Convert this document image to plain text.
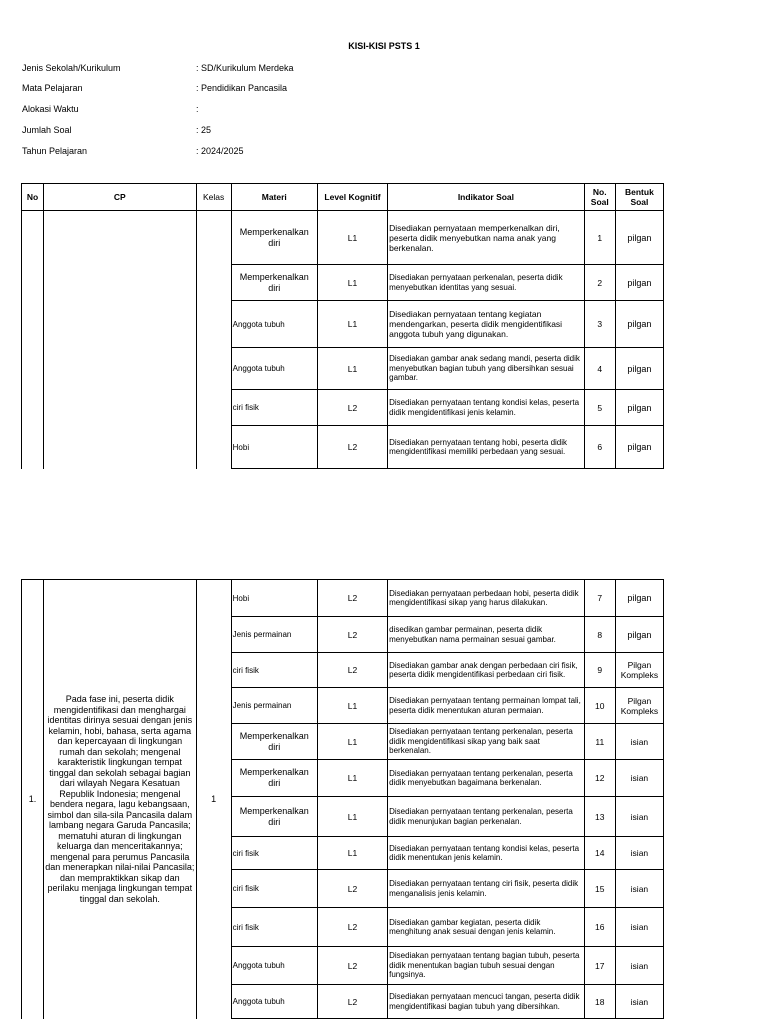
KISI-KISI PSTS 1
Jenis Sekolah/Kurikulum	: SD/Kurikulum Merdeka
Mata Pelajaran	: Pendidikan Pancasila
Alokasi Waktu	:
Jumlah Soal	: 25
Tahun Pelajaran	: 2024/2025
No	CP	Kelas	Materi	Level Kognitif	Indikator Soal	No. Soal	Bentuk Soal
			Memperkenalkan diri	L1	Disediakan pernyataan memperkenalkan diri, peserta didik menyebutkan nama anak yang berkenalan.	1	pilgan
			Memperkenalkan diri	L1	Disediakan pernyataan perkenalan, peserta didik menyebutkan identitas yang sesuai.	2	pilgan
			Anggota tubuh	L1	Disediakan pernyataan tentang kegiatan mendengarkan, peserta didik mengidentifikasi anggota tubuh yang digunakan.	3	pilgan
			Anggota tubuh	L1	Disediakan gambar anak sedang mandi, peserta didik menyebutkan bagian tubuh yang dibersihkan sesuai gambar.	4	pilgan
			ciri fisik	L2	Disediakan pernyataan tentang kondisi kelas, peserta didik mengidentifikasi jenis kelamin.	5	pilgan
			Hobi	L2	Disediakan pernyataan tentang hobi, peserta didik mengidentifikasi memiliki perbedaan yang sesuai.	6	pilgan
1.	Pada fase ini, peserta didik mengidentifikasi dan menghargai identitas dirinya sesuai dengan jenis kelamin, hobi, bahasa, serta agama dan kepercayaan di lingkungan rumah dan sekolah; mengenal karakteristik lingkungan tempat tinggal dan sekolah sebagai bagian dari wilayah Negara Kesatuan Republik Indonesia; mengenal bendera negara, lagu kebangsaan, simbol dan sila-sila Pancasila dalam lambang negara Garuda Pancasila; mematuhi aturan di lingkungan keluarga dan menceritakannya; mengenal para perumus Pancasila dan menerapkan nilai-nilai Pancasila; dan mempraktikkan sikap dan perilaku menjaga lingkungan tempat tinggal dan sekolah.	1	Hobi	L2	Disediakan pernyataan perbedaan hobi, peserta didik mengidentifikasi sikap yang harus dilakukan.	7	pilgan
			Jenis permainan	L2	disedikan gambar permainan, peserta didik menyebutkan nama permainan sesuai gambar.	8	pilgan
			ciri fisik	L2	Disediakan gambar anak dengan perbedaan ciri fisik, peserta didik mengidentifikasi perbedaan ciri fisik.	9	Pilgan Kompleks
			Jenis permainan	L1	Disediakan pernyataan tentang permainan lompat tali, peserta didik menentukan aturan permaian.	10	Pilgan Kompleks
			Memperkenalkan diri	L1	Disediakan pernyataan tentang perkenalan, peserta didik mengidentifikasi sikap yang baik saat berkenalan.	11	isian
			Memperkenalkan diri	L1	Disediakan pernyataan tentang perkenalan, peserta didik menyebutkan bagaimana berkenalan.	12	isian
			Memperkenalkan diri	L1	Disediakan pernyataan tentang perkenalan, peserta didik menunjukan bagian perkenalan.	13	isian
			ciri fisik	L1	Disediakan pernyataan tentang kondisi kelas, peserta didik menentukan jenis kelamin.	14	isian
			ciri fisik	L2	Disediakan pernyataan tentang ciri fisik, peserta didik menganalisis jenis kelamin.	15	isian
			ciri fisik	L2	Disediakan gambar kegiatan, peserta didik menghitung anak sesuai dengan jenis kelamin.	16	isian
			Anggota tubuh	L2	Disediakan pernyataan tentang bagian tubuh, peserta didik menentukan bagian tubuh sesuai dengan fungsinya.	17	isian
			Anggota tubuh	L2	Disediakan pernyataan mencuci tangan, peserta didik mengidentifikasi bagian tubuh yang dibersihkan.	18	isian
